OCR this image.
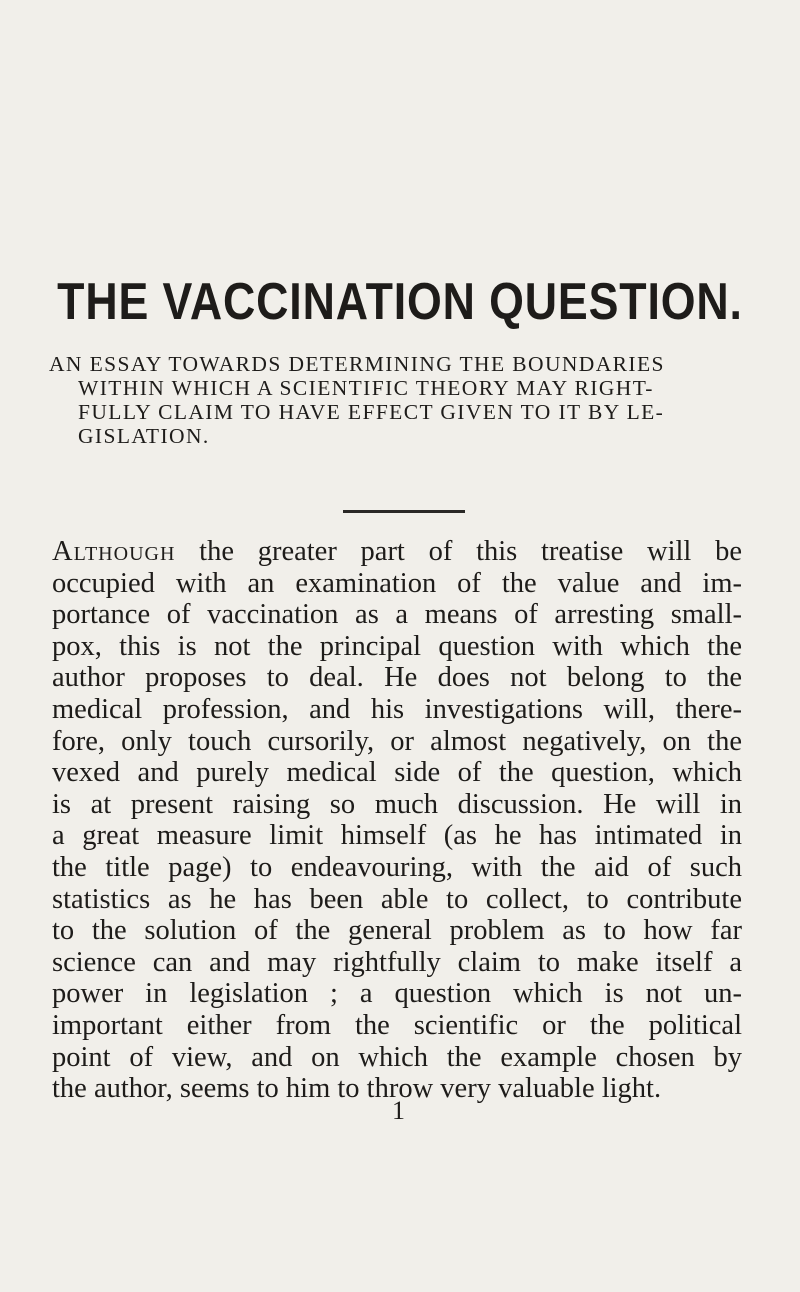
THE VACCINATION QUESTION.
AN ESSAY TOWARDS DETERMINING THE BOUNDARIES
WITHIN WHICH A SCIENTIFIC THEORY MAY RIGHT-
FULLY CLAIM TO HAVE EFFECT GIVEN TO IT BY LE-
GISLATION.
Although the greater part of this treatise will be
occupied with an examination of the value and im-
portance of vaccination as a means of arresting small-
pox, this is not the principal question with which the
author proposes to deal. He does not belong to the
medical profession, and his investigations will, there-
fore, only touch cursorily, or almost negatively, on the
vexed and purely medical side of the question, which
is at present raising so much discussion. He will in
a great measure limit himself (as he has intimated in
the title page) to endeavouring, with the aid of such
statistics as he has been able to collect, to contribute
to the solution of the general problem as to how far
science can and may rightfully claim to make itself a
power in legislation ; a question which is not un-
important either from the scientific or the political
point of view, and on which the example chosen by
the author, seems to him to throw very valuable light.
1
